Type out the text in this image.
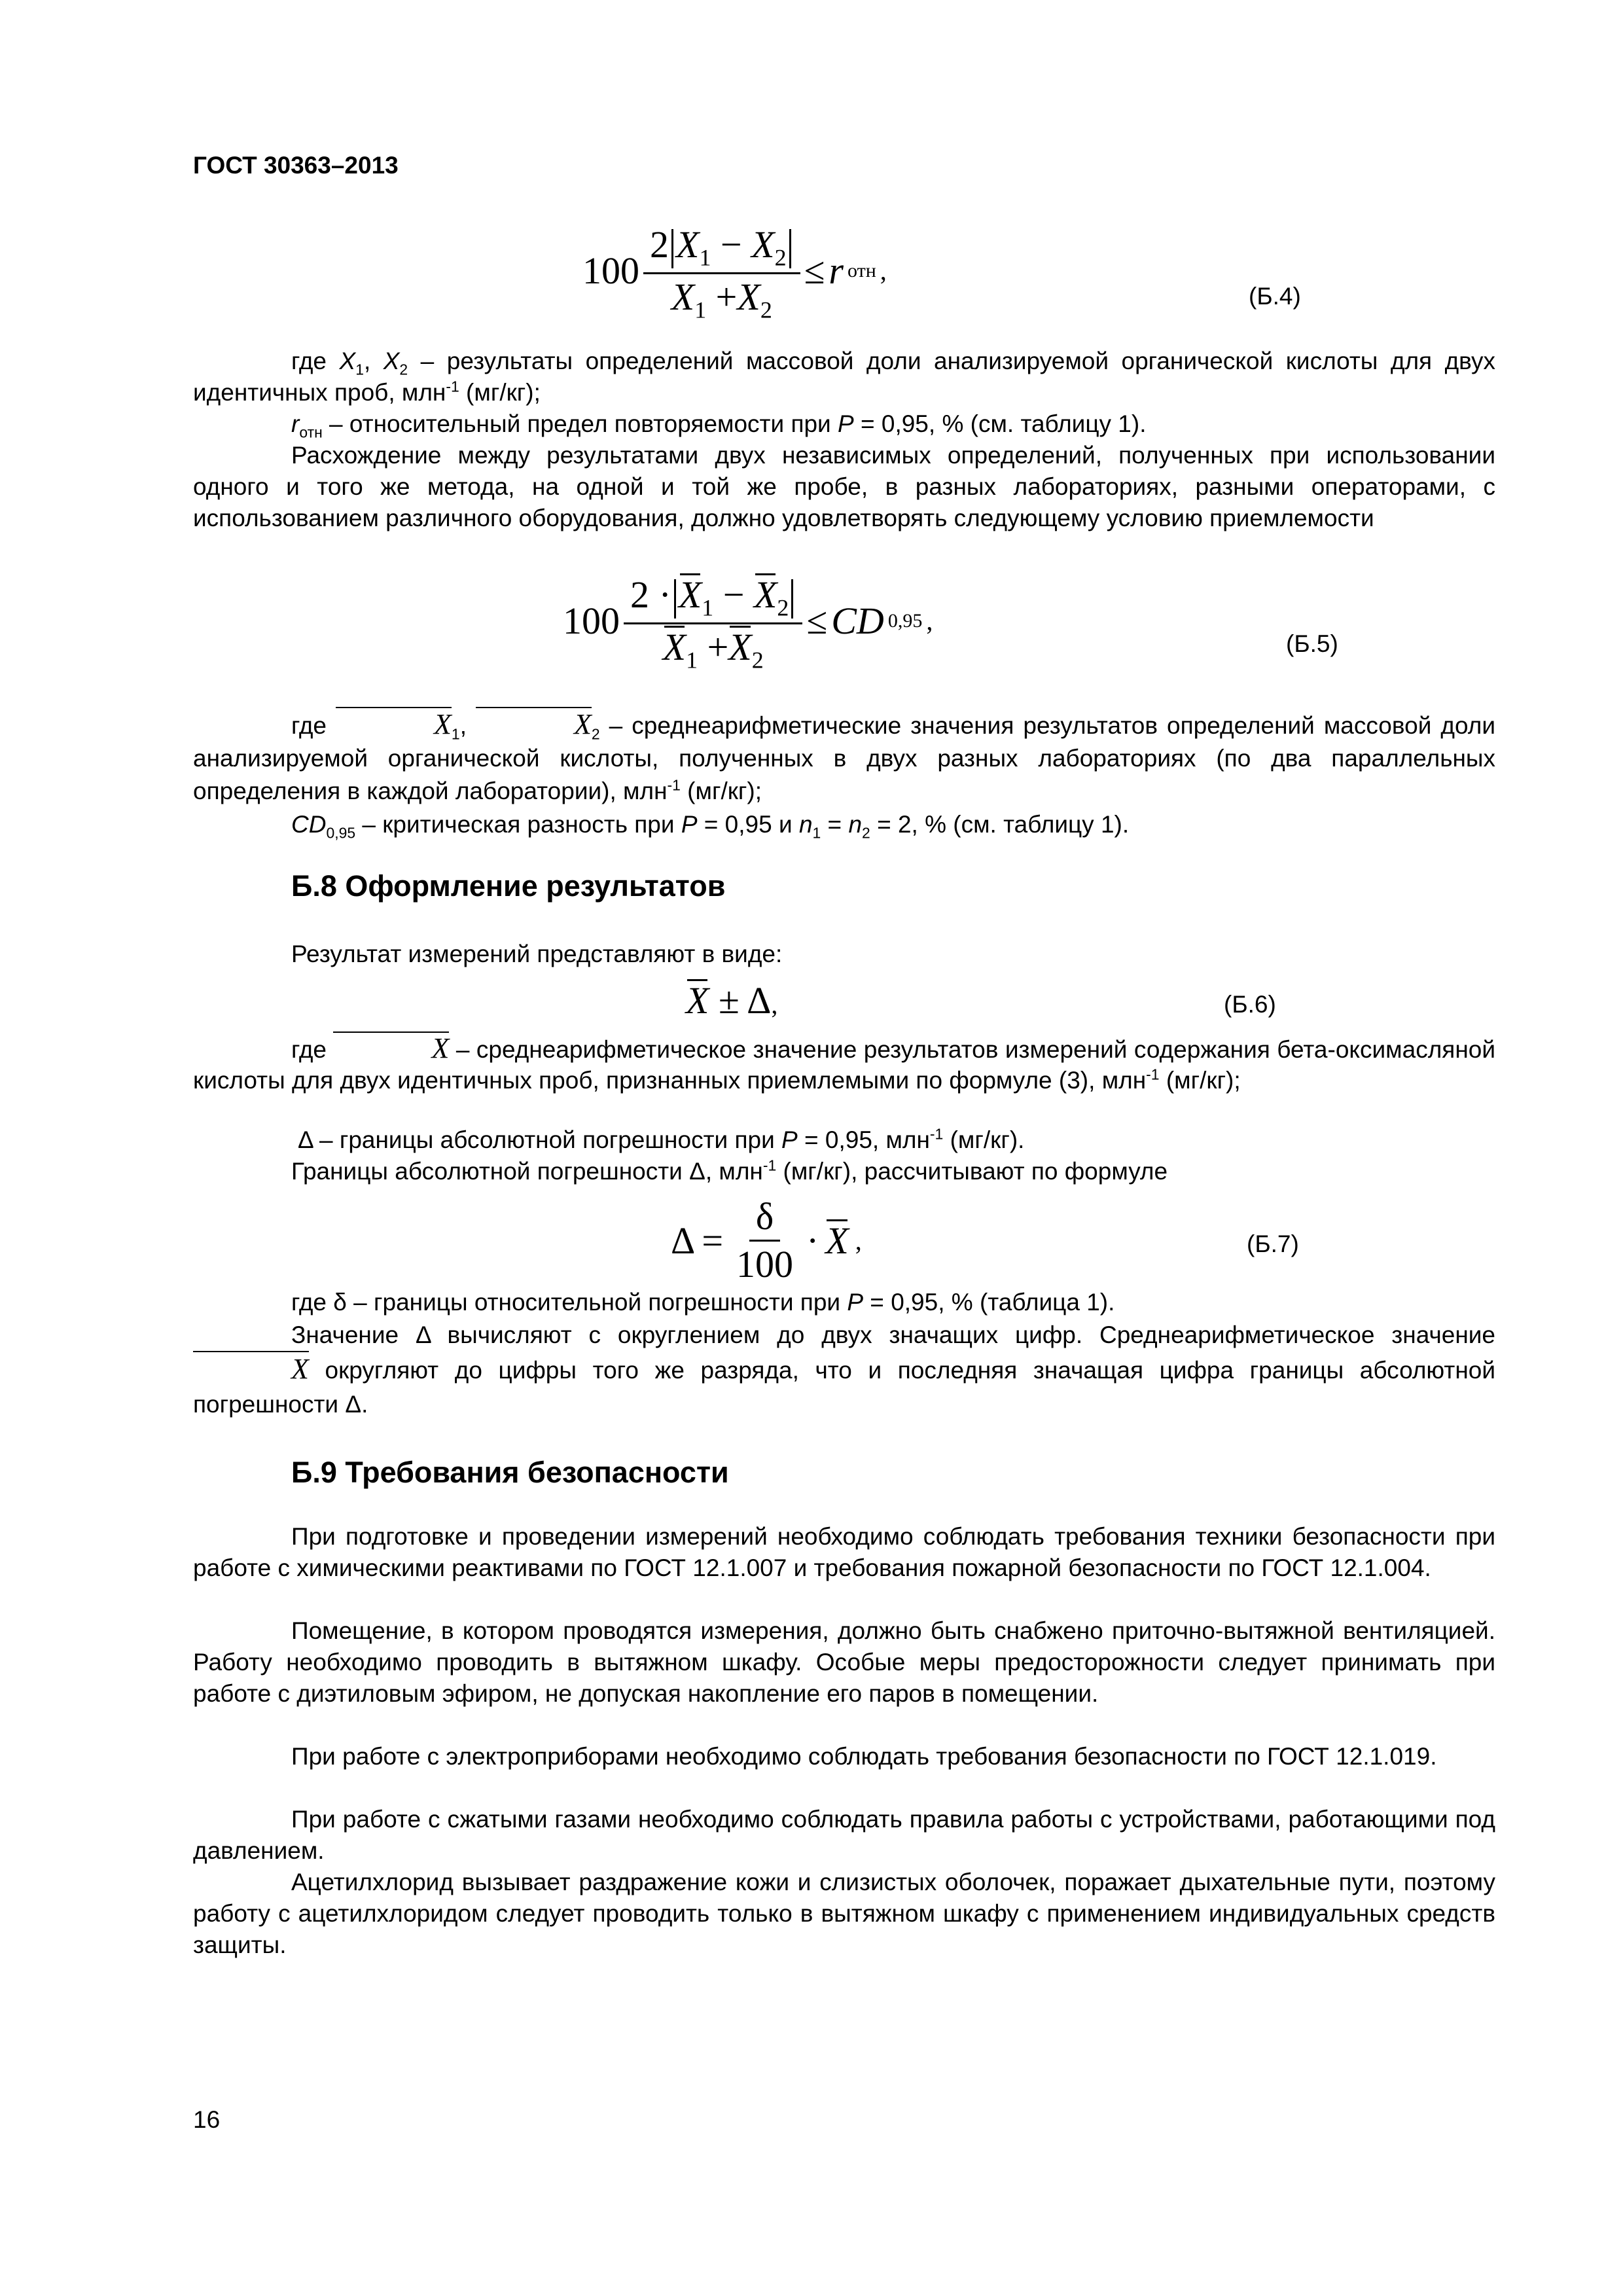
ГОСТ 30363–2013
$100 \frac{2 X_1 - X_2}{X_1 +X_2} \le r$ отн ,
(Б.4)

где $X_1$, $X_2$ – результаты определений массовой доли анализируемой органической кислоты для двух идентичных проб, млн$^{-1}$ (мг/кг);

$r_{отн}$ – относительный предел повторяемости при P = 0,95, % (см. таблицу 1).

Расхождение между результатами двух независимых определений, полученных при использовании одного и того же метода, на одной и той же пробе, в разных лабораториях, разными операторами, с использованием различного оборудования, должно удовлетворять следующему условию приемлемости

$100 \frac{2 \cdot X_1 - X_2}{X_1 +X_2}$ ≤ CD 0,95 ,
(Б.5)

где	$X_1$,	$X_2$ – среднеарифметические значения результатов определений массовой доли анализируемой органической кислоты, полученных в двух разных лабораториях (по два параллельных определения в каждой лаборатории), млн$^{-1}$ (мг/кг);

$CD_{0,95}$ – критическая разность при P = 0,95 и $n_1 = n_2 = 2$, % (см. таблицу 1).

Б.8 Оформление результатов

Результат измерений представляют в виде:

X ± Δ,	(Б.6)

где	X – среднеарифметическое значение результатов измерений содержания бета-оксимасляной кислоты для двух идентичных проб, признанных приемлемыми по формуле (3), млн$^{-1}$ (мг/кг);

Δ – границы абсолютной погрешности при P = 0,95, млн$^{-1}$ (мг/кг).

Границы абсолютной погрешности Δ, млн$^{-1}$ (мг/кг), рассчитывают по формуле

$\Delta = \frac{\delta}{100} \cdot X$ ,	(Б.7)

где δ – границы относительной погрешности при P = 0,95, % (таблица 1).

Значение Δ вычисляют с округлением до двух значащих цифр. Среднеарифметическое значение X округляют до цифры того же разряда, что и последняя значащая цифра границы абсолютной погрешности Δ.

Б.9 Требования безопасности

При подготовке и проведении измерений необходимо соблюдать требования техники безопасности при работе с химическими реактивами по ГОСТ 12.1.007 и требования пожарной безопасности по ГОСТ 12.1.004.

Помещение, в котором проводятся измерения, должно быть снабжено приточно-вытяжной вентиляцией. Работу необходимо проводить в вытяжном шкафу. Особые меры предосторожности следует принимать при работе с диэтиловым эфиром, не допуская накопление его паров в помещении.

При работе с электроприборами необходимо соблюдать требования безопасности по ГОСТ 12.1.019.

При работе с сжатыми газами необходимо соблюдать правила работы с устройствами, работающими под давлением.

Ацетилхлорид вызывает раздражение кожи и слизистых оболочек, поражает дыхательные пути, поэтому работу с ацетилхлоридом следует проводить только в вытяжном шкафу с применением индивидуальных средств защиты.

16
